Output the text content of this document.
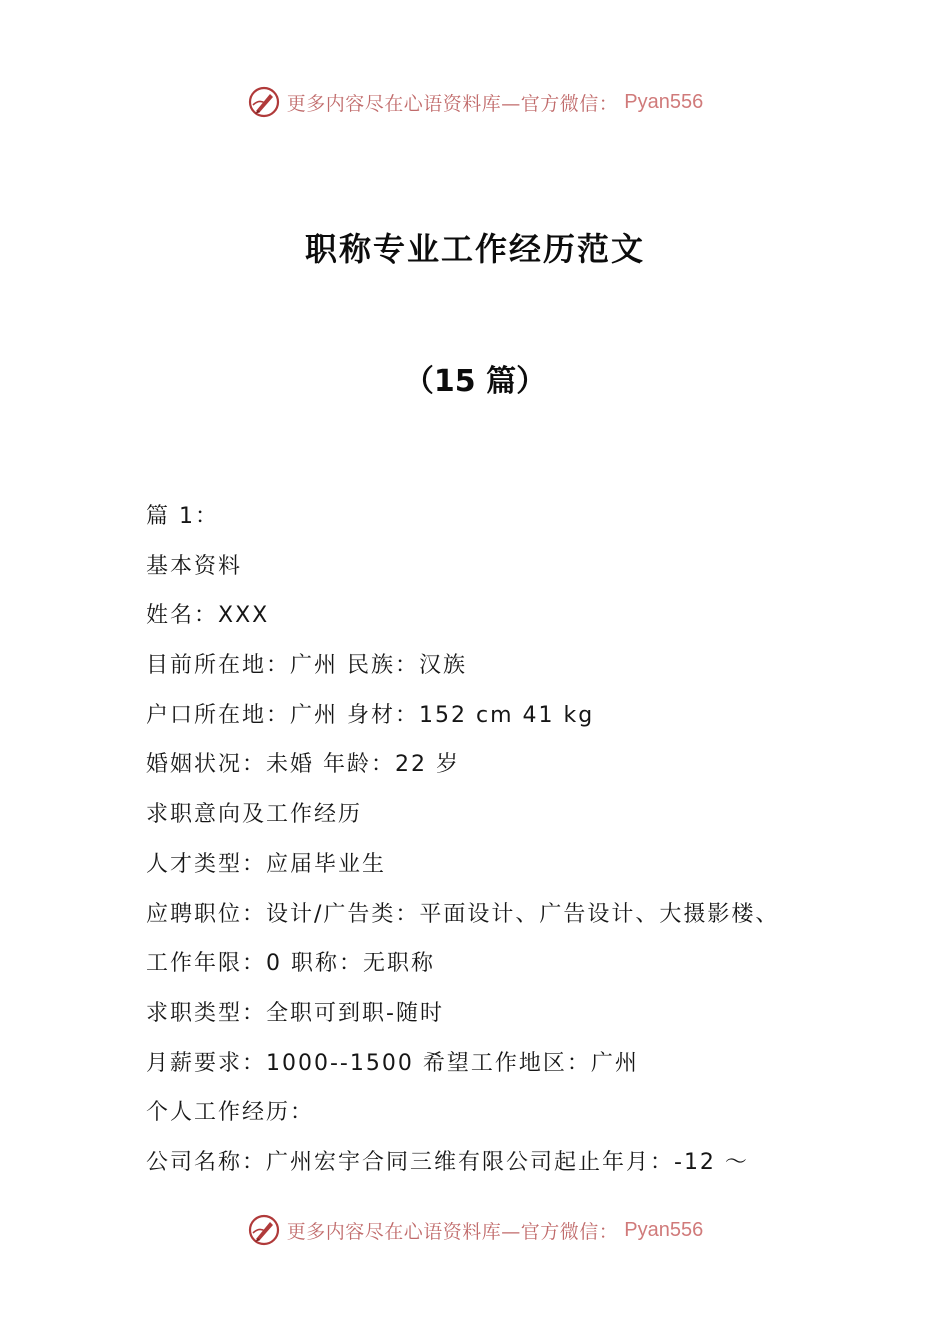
更多内容尽在心语资料库—官方微信： Pyan556
职称专业工作经历范文
（15 篇）
篇 1：
基本资料
姓名：XXX
目前所在地：广州 民族：汉族
户口所在地：广州 身材：152 cm 41 kg
婚姻状况：未婚 年龄：22 岁
求职意向及工作经历
人才类型：应届毕业生
应聘职位：设计/广告类：平面设计、广告设计、大摄影楼、
工作年限：0 职称：无职称
求职类型：全职可到职-随时
月薪要求：1000--1500 希望工作地区：广州
个人工作经历：
公司名称：广州宏宇合同三维有限公司起止年月：-12 ～
更多内容尽在心语资料库—官方微信： Pyan556
